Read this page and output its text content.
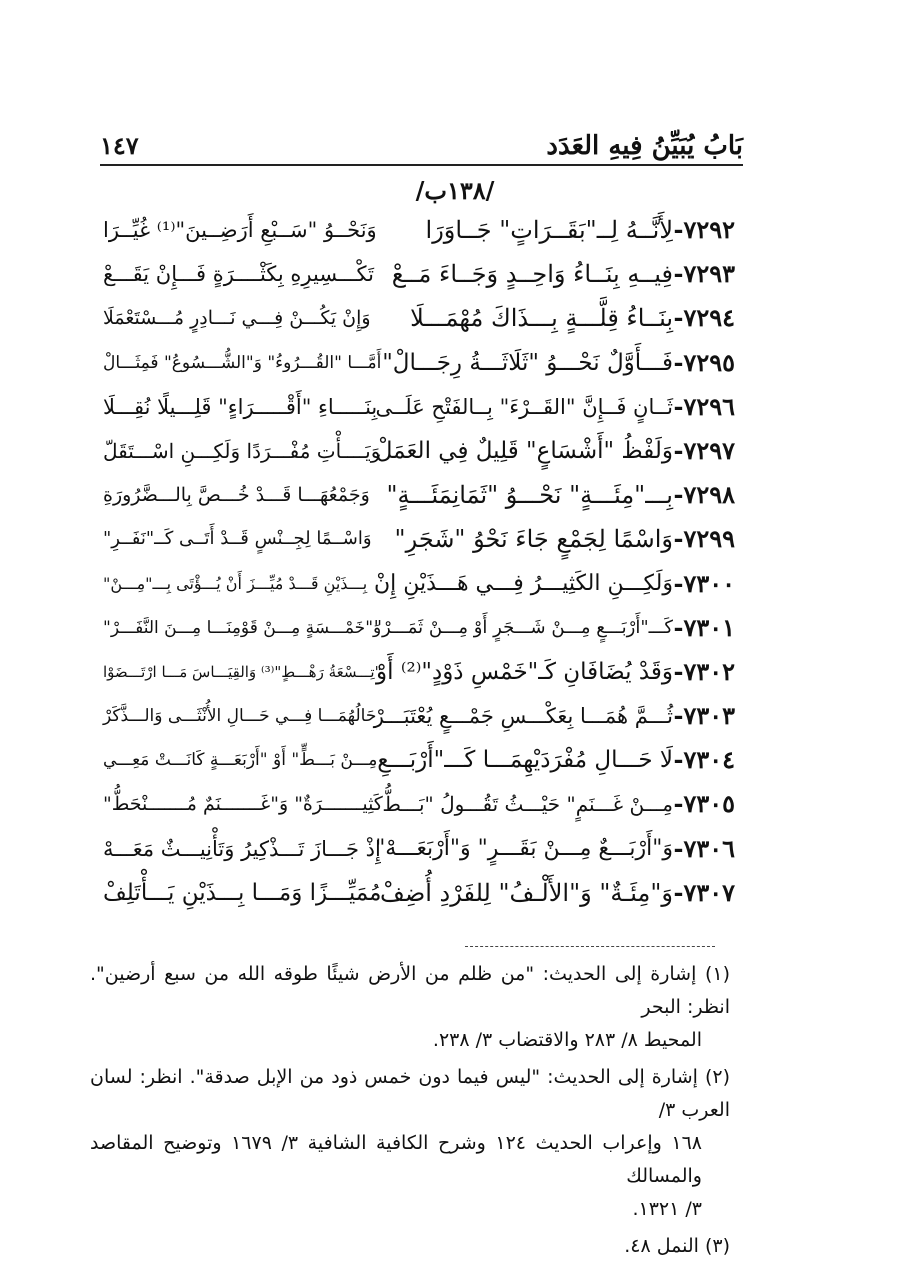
بَابُ يُبَيِّنُ فِيهِ العَدَد
١٤٧
/١٣٨ب/
٧٢٩٢-
لِأَنَّــهُ لِــ"بَقَــرَاتٍ" جَــاوَرَا
وَنَحْــوُ "سَــبْعِ أَرَضِــينَ"⁽¹⁾ غُيِّــرَا
٧٢٩٣-
فِيــهِ بِنَــاءُ وَاحِــدٍ وَجَــاءَ مَــعْ
تَكْـــسِيرِهِ بِكَثْــــرَةٍ فَـــإِنْ يَقَـــعْ
٧٢٩٤-
بِنَــاءُ قِلَّـــةٍ بِـــذَاكَ مُهْمَـــلَا
وَإِنْ يَكُـــنْ فِـــي نَـــادِرٍ مُـــسْتَعْمَلَا
٧٢٩٥-
فَـــأَوَّلٌ نَحْـــوُ "ثَلَاثَـــةُ رِجَـــالْ"
أَمَّـــا "القُـــرُوءُ" وَ"الشُّـــسُوعُ" فَمِثَـــالْ
٧٢٩٦-
ثَــانٍ فَــإِنَّ "القَــرْءَ" بِــالفَتْحِ عَلَــى
بِنَـــــاءِ "أَقْـــــرَاءٍ" قَلِـــيلًا نُقِـــلَا
٧٢٩٧-
وَلَفْظُ "أَشْسَاعٍ" قَلِيلٌ فِي العَمَلْ
وَيَــــأْتِ مُفْـــرَدًا وَلَكِـــنِ اسْـــتَقَلّ
٧٢٩٨-
بِـــ"مِئَـــةٍ" نَحْـــوُ "ثَمَانِمَئَـــةٍ"
وَجَمْعُهَـــا قَـــدْ خُـــصَّ بِالـــضَّرُورَةِ
٧٢٩٩-
وَاسْمًا لِجَمْعٍ جَاءَ نَحْوُ "شَجَرِ"
وَاسْــمًا لِجِــنْسٍ قَــدْ أَتَــى كَــ"نَفَــرِ"
٧٣٠٠-
وَلَكِـــنِ الكَثِيـــرُ فِـــي هَـــذَيْنِ إِنْ
بِـــذَيْنِ قَـــدْ مُيِّـــزَ أَنْ يُـــؤْتَى بِـــ"مِـــنْ"
٧٣٠١-
كَـــ"أَرْبَـــعٍ مِـــنْ شَـــجَرٍ أَوْ مِـــنْ ثَمَـــرْ"
وَ"خَمْـــسَةٍ مِـــنْ قَوْمِنَـــا مِـــنَ النَّفَـــرْ"
٧٣٠٢-
وَقَدْ يُضَافَانِ كَـ"خَمْسِ ذَوْدٍ"⁽²⁾ أَوْ
"تِـــسْعَةُ رَهْـــطٍ"⁽³⁾ وَالقِيَـــاسَ مَـــا ارْتَـــضَوْا
٧٣٠٣-
ثُـــمَّ هُمَـــا بِعَكْـــسِ جَمْـــعٍ يُعْتَبَـــرْ
حَالُهُمَـــا فِـــي حَـــالِ الأُنْثَـــى وَالـــذَّكَرْ
٧٣٠٤-
لَا حَـــالِ مُفْرَدَيْهِمَـــا كَـــ"أَرْبَـــعِ
مِـــنْ بَـــطٍّ" أَوْ "أَرْبَعَـــةٍ كَانَـــتْ مَعِـــي
٧٣٠٥-
مِـــنْ غَـــنَمٍ" حَيْـــثُ تَقُـــولُ "بَـــطُّ
كَثِيـــــــرَةٌ" وَ"غَـــــــنَمٌ مُـــــــنْحَطُّ"
٧٣٠٦-
وَ"أَرْبَـــعٌ مِـــنْ بَقَـــرٍ" وَ"أَرْبَعَـــهْ"
إِذْ جَـــازَ تَـــذْكِيرُ وَتَأْنِيـــثٌ مَعَـــهْ
٧٣٠٧-
وَ"مِئَـةٌ" وَ"الأَلْـفُ" لِلفَرْدِ أُضِفْ
مُمَيِّـــزًا وَمَـــا بِـــذَيْنِ يَـــأْتَلِفْ
(١) إشارة إلى الحديث: "من ظلم من الأرض شيئًا طوقه الله من سبع أرضين". انظر: البحر
المحيط ٨/ ٢٨٣ والاقتضاب ٣/ ٢٣٨.
(٢) إشارة إلى الحديث: "ليس فيما دون خمس ذود من الإبل صدقة". انظر: لسان العرب ٣/
١٦٨ وإعراب الحديث ١٢٤ وشرح الكافية الشافية ٣/ ١٦٧٩ وتوضيح المقاصد والمسالك
٣/ ١٣٢١.
(٣) النمل ٤٨.
